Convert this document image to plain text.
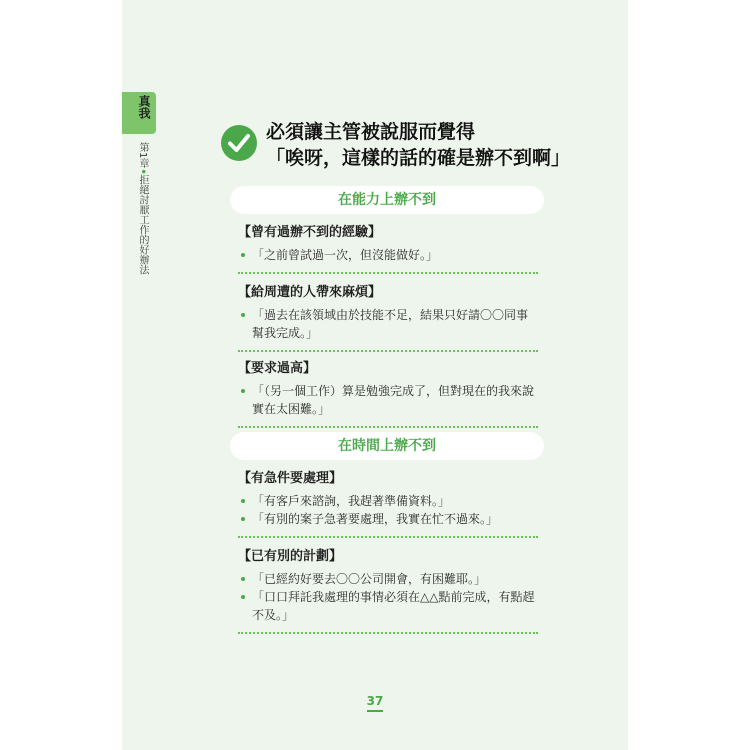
真我
第1章•拒絕討厭工作的好辦法
必須讓主管被說服而覺得
「唉呀，這樣的話的確是辦不到啊」
在能力上辦不到
【曾有過辦不到的經驗】
「之前曾試過一次，但沒能做好。」
【給周遭的人帶來麻煩】
「過去在該領域由於技能不足，結果只好請〇〇同事幫我完成。」
【要求過高】
「（另一個工作）算是勉強完成了，但對現在的我來說實在太困難。」
在時間上辦不到
【有急件要處理】
「有客戶來諮詢，我趕著準備資料。」
「有別的案子急著要處理，我實在忙不過來。」
【已有別的計劃】
「已經約好要去〇〇公司開會，有困難耶。」
「口口拜託我處理的事情必須在△△點前完成，有點趕不及。」
37
